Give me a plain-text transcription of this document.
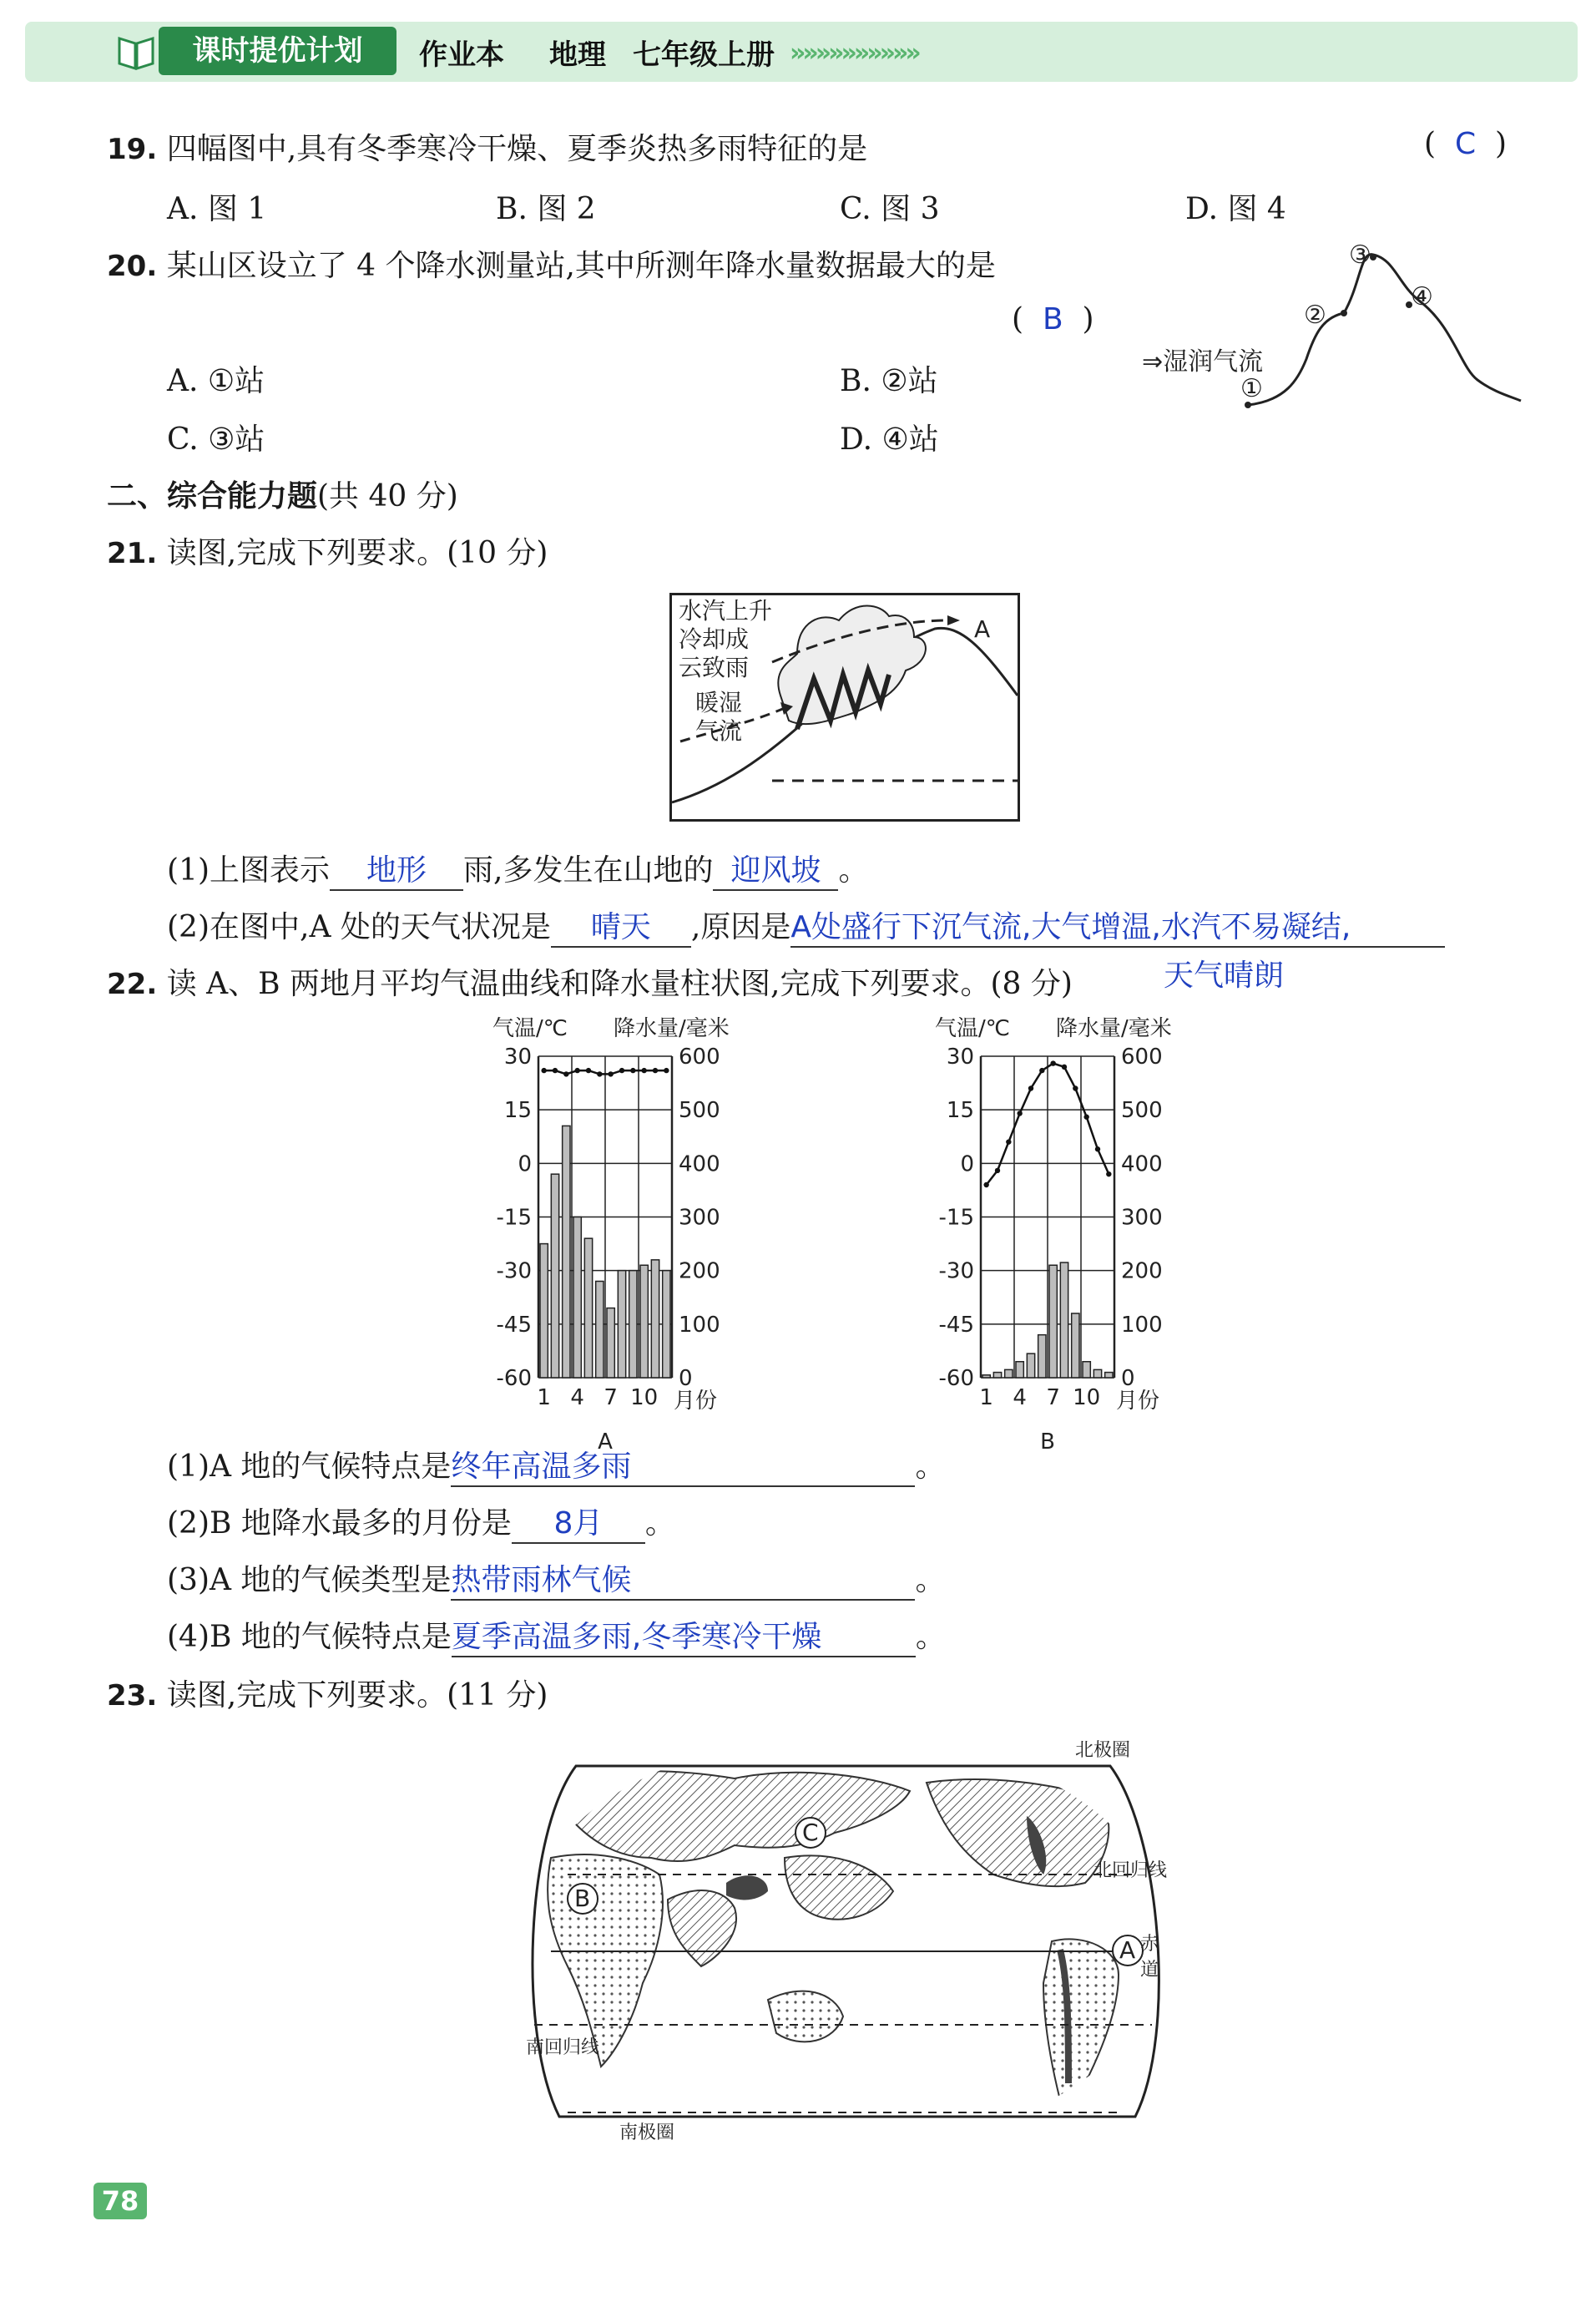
课时提优计划	作业本 地理 七年级上册 »»»»»»»»»»
19. 四幅图中,具有冬季寒冷干燥、夏季炎热多雨特征的是	(  C  )
A. 图 1	B. 图 2	C. 图 3	D. 图 4
20. 某山区设立了 4 个降水测量站,其中所测年降水量数据最大的是
(  B  )
A. ①站	B. ②站
C. ③站	D. ④站
⇒湿润气流
①
②
③
④
二、综合能力题(共 40 分)
21. 读图,完成下列要求。(10 分)
水汽上升
冷却成
云致雨
暖湿
气流
A
(1)上图表示 地形 雨,多发生在山地的 迎风坡 。
(2)在图中,A 处的天气状况是 晴天 ,原因是A处盛行下沉气流,大气增温,水汽不易凝结,
天气晴朗
22. 读 A、B 两地月平均气温曲线和降水量柱状图,完成下列要求。(8 分)
气温/℃ 降水量/毫米
30	600
15	500
0	400
-15	300
-30	200
-45	100
-60	0
1 4 7 10 月份
A
气温/℃ 降水量/毫米
30	600
15	500
0	400
-15	300
-30	200
-45	100
-60	0
1 4 7 10 月份
B
(1)A 地的气候特点是终年高温多雨	。
(2)B 地降水最多的月份是 8月 。
(3)A 地的气候类型是热带雨林气候	。
(4)B 地的气候特点是夏季高温多雨,冬季寒冷干燥	。
23. 读图,完成下列要求。(11 分)
北极圈
北回归线
赤道
南回归线
南极圈
B
C
A
78
